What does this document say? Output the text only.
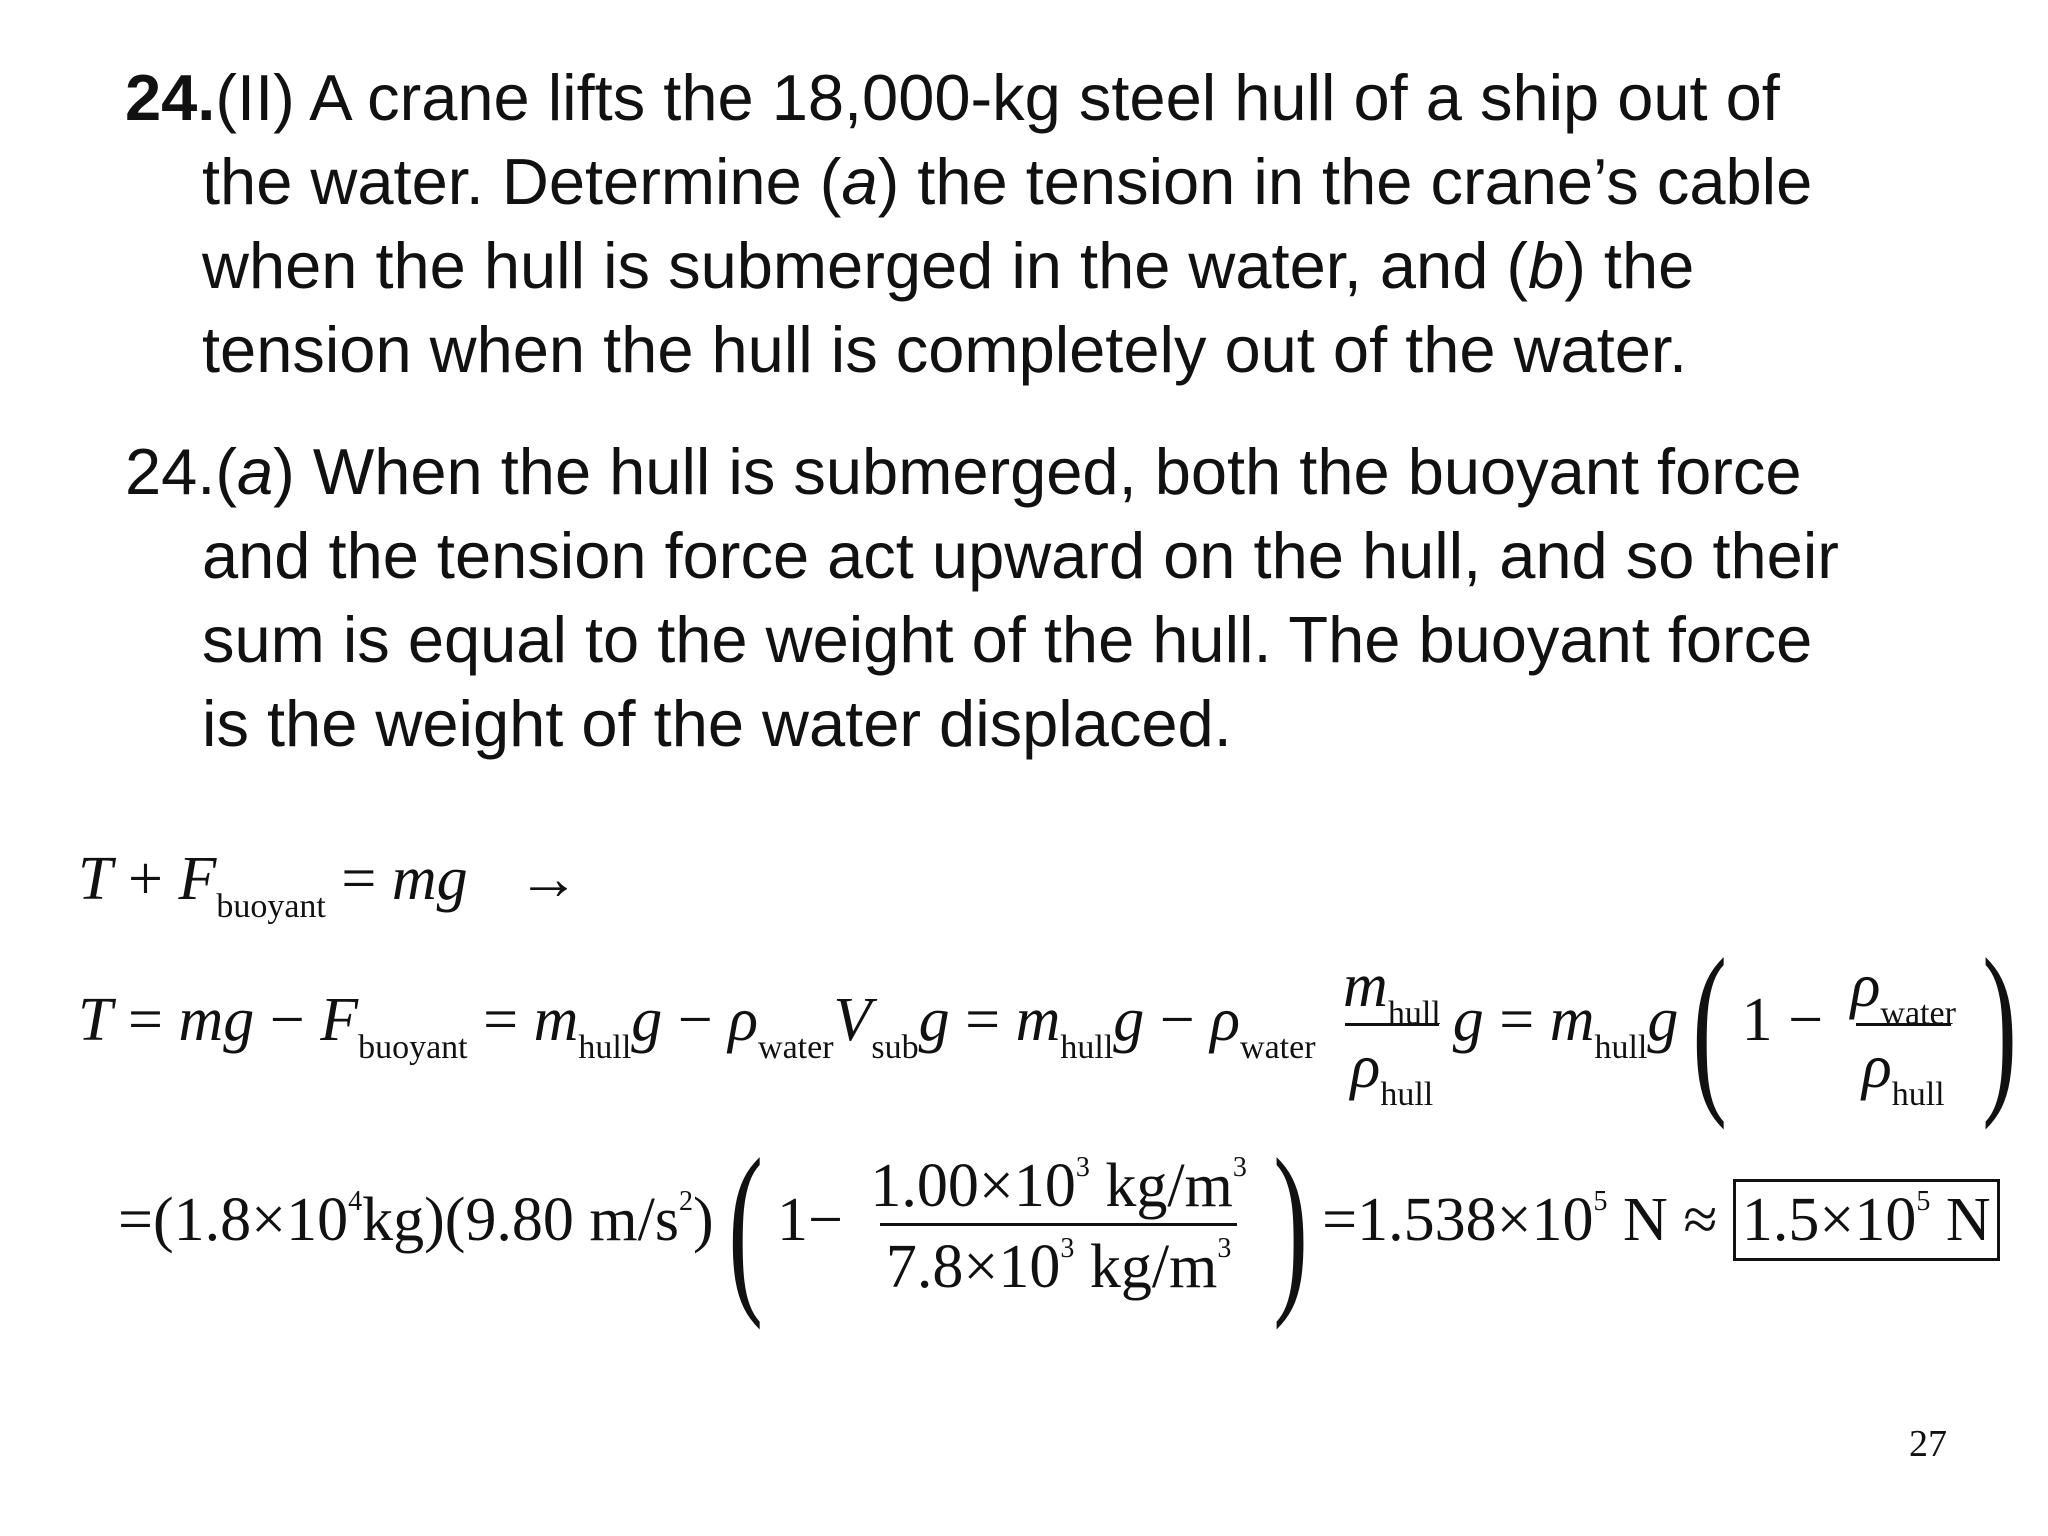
24.(II) A crane lifts the 18,000-kg steel hull of a ship out of
the water. Determine (a) the tension in the crane’s cable
when the hull is submerged in the water, and (b) the
tension when the hull is completely out of the water.
24.(a) When the hull is submerged, both the buoyant force
and the tension force act upward on the hull, and so their
sum is equal to the weight of the hull. The buoyant force
is the weight of the water displaced.
$T + F_{buoyant}$ = mg →
T = mg − $F_{buoyant} = m_{hull}g - \rho_{water}V_{sub}g = m_{hull}g - \rho_{water} \frac{m_{hull}}{\rho_{hull}}$ $g = m_{hull}g$( $1 - \frac{\rho_{water}}{\rho_{hull}}$ )
$=(1.8\times 10^4kg)(9.80$ $m/s^2$)( $1- \frac{1.00\times 10^3 kg/m^3}{7.8\times 10^3 kg/m^3}$ ) $=1.538\times 10^5$ $N \approx 1.5\times 10^5$ N
27
